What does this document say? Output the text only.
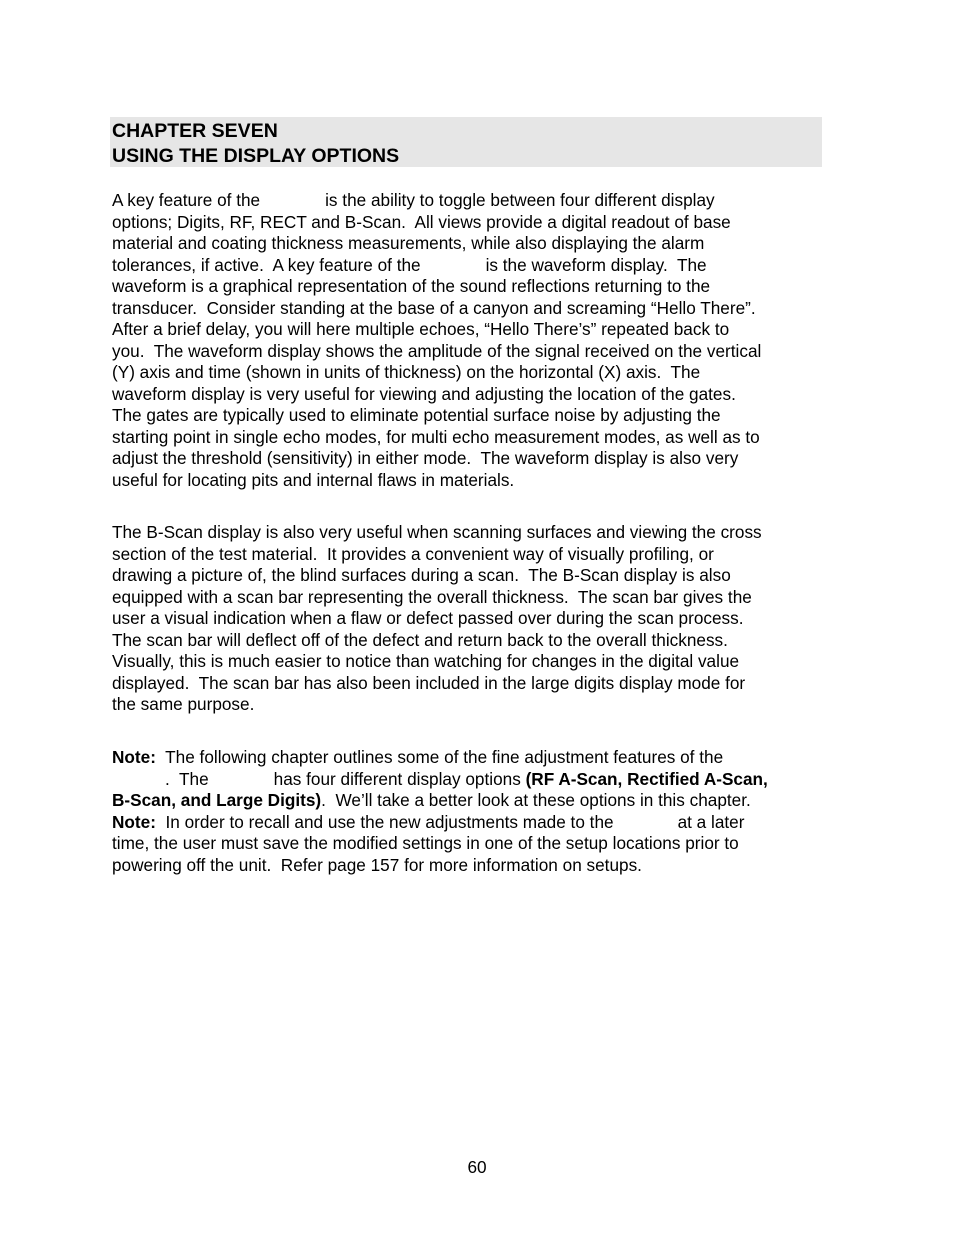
CHAPTER SEVEN
USING THE DISPLAY OPTIONS
A key feature of the	is the ability to toggle between four different display
options; Digits, RF, RECT and B-Scan.  All views provide a digital readout of base
material and coating thickness measurements, while also displaying the alarm
tolerances, if active.  A key feature of the	is the waveform display.  The
waveform is a graphical representation of the sound reflections returning to the
transducer.  Consider standing at the base of a canyon and screaming “Hello There”.
After a brief delay, you will here multiple echoes, “Hello There’s” repeated back to
you.  The waveform display shows the amplitude of the signal received on the vertical
(Y) axis and time (shown in units of thickness) on the horizontal (X) axis.  The
waveform display is very useful for viewing and adjusting the location of the gates.
The gates are typically used to eliminate potential surface noise by adjusting the
starting point in single echo modes, for multi echo measurement modes, as well as to
adjust the threshold (sensitivity) in either mode.  The waveform display is also very
useful for locating pits and internal flaws in materials.
The B-Scan display is also very useful when scanning surfaces and viewing the cross
section of the test material.  It provides a convenient way of visually profiling, or
drawing a picture of, the blind surfaces during a scan.  The B-Scan display is also
equipped with a scan bar representing the overall thickness.  The scan bar gives the
user a visual indication when a flaw or defect passed over during the scan process.
The scan bar will deflect off of the defect and return back to the overall thickness.
Visually, this is much easier to notice than watching for changes in the digital value
displayed.  The scan bar has also been included in the large digits display mode for
the same purpose.
Note:  The following chapter outlines some of the fine adjustment features of the
.  The	has four different display options (RF A-Scan, Rectified A-Scan,
B-Scan, and Large Digits).  We’ll take a better look at these options in this chapter.
Note:  In order to recall and use the new adjustments made to the	at a later
time, the user must save the modified settings in one of the setup locations prior to
powering off the unit.  Refer page 157 for more information on setups.
60
